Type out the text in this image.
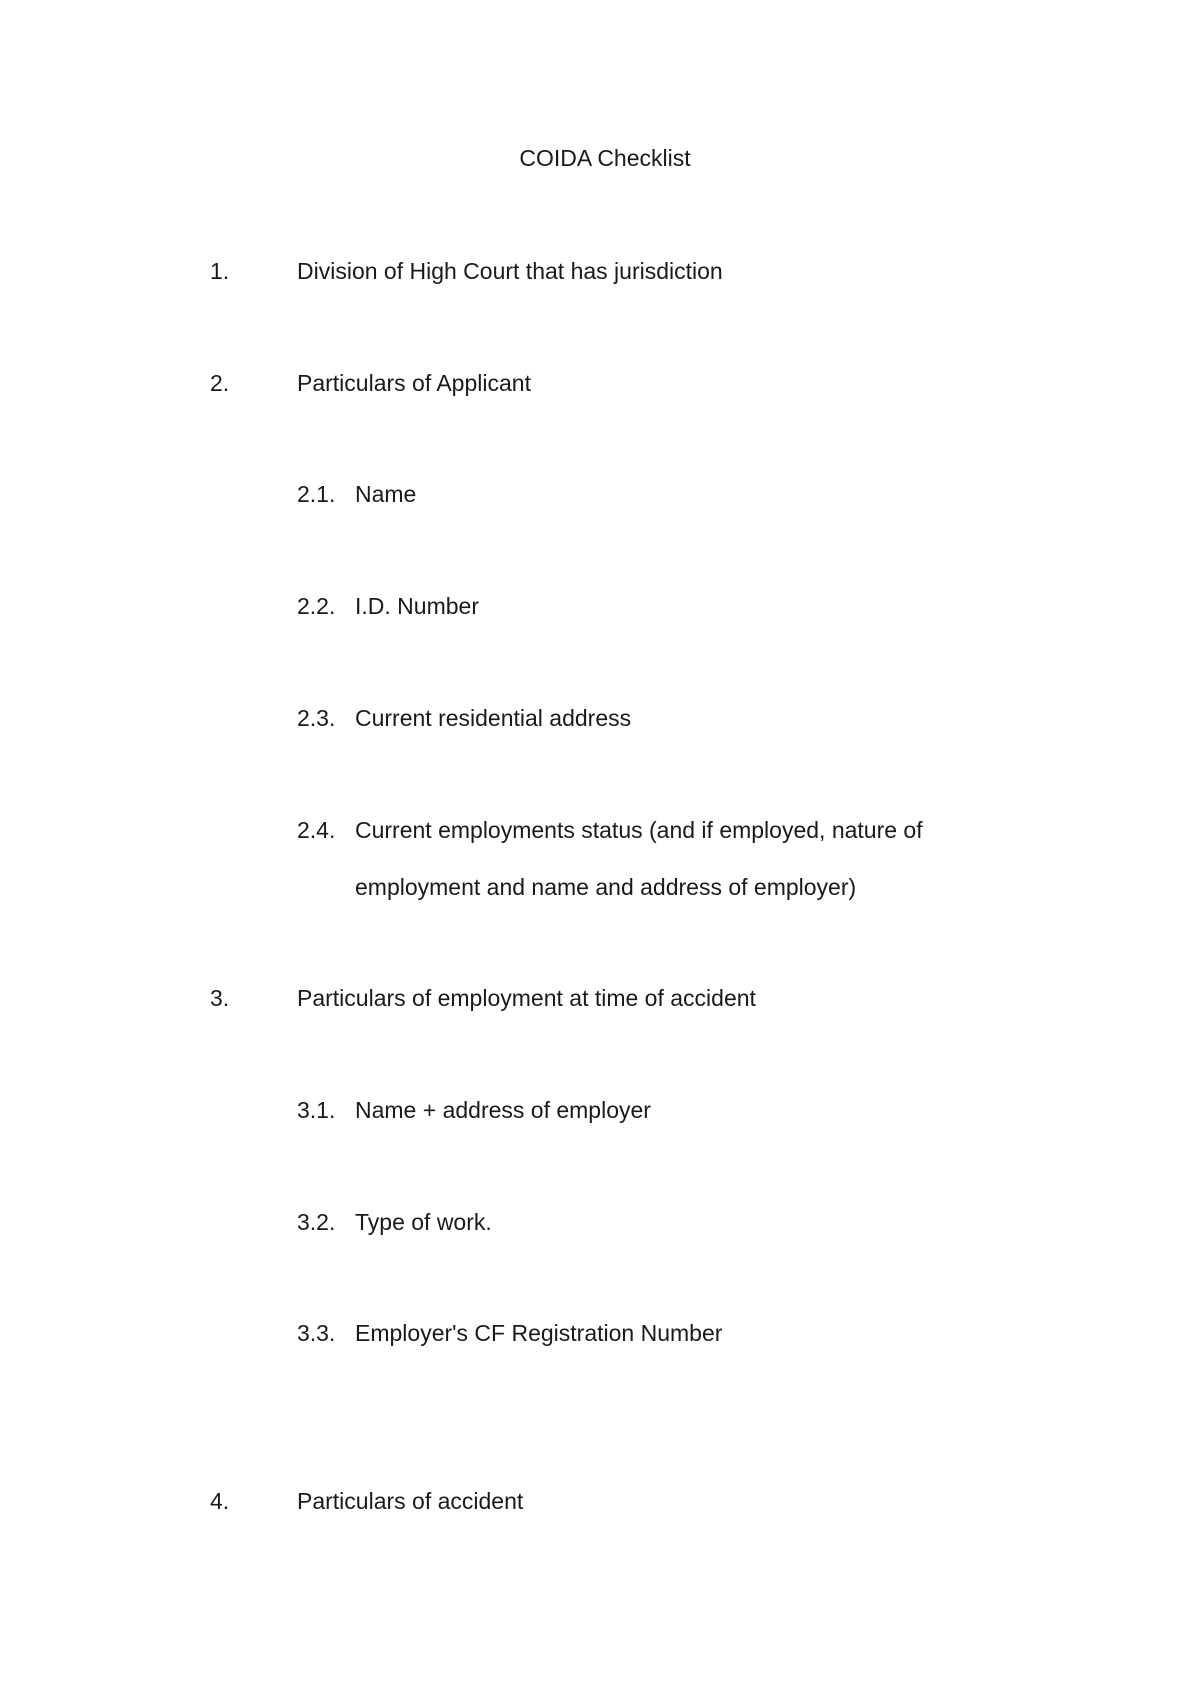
COIDA Checklist
1.	Division of High Court that has jurisdiction
2.	Particulars of Applicant
2.1. Name
2.2. I.D. Number
2.3. Current residential address
2.4. Current employments status (and if employed, nature of
employment and name and address of employer)
3.	Particulars of employment at time of accident
3.1. Name + address of employer
3.2. Type of work.
3.3. Employer's CF Registration Number
4.	Particulars of accident
